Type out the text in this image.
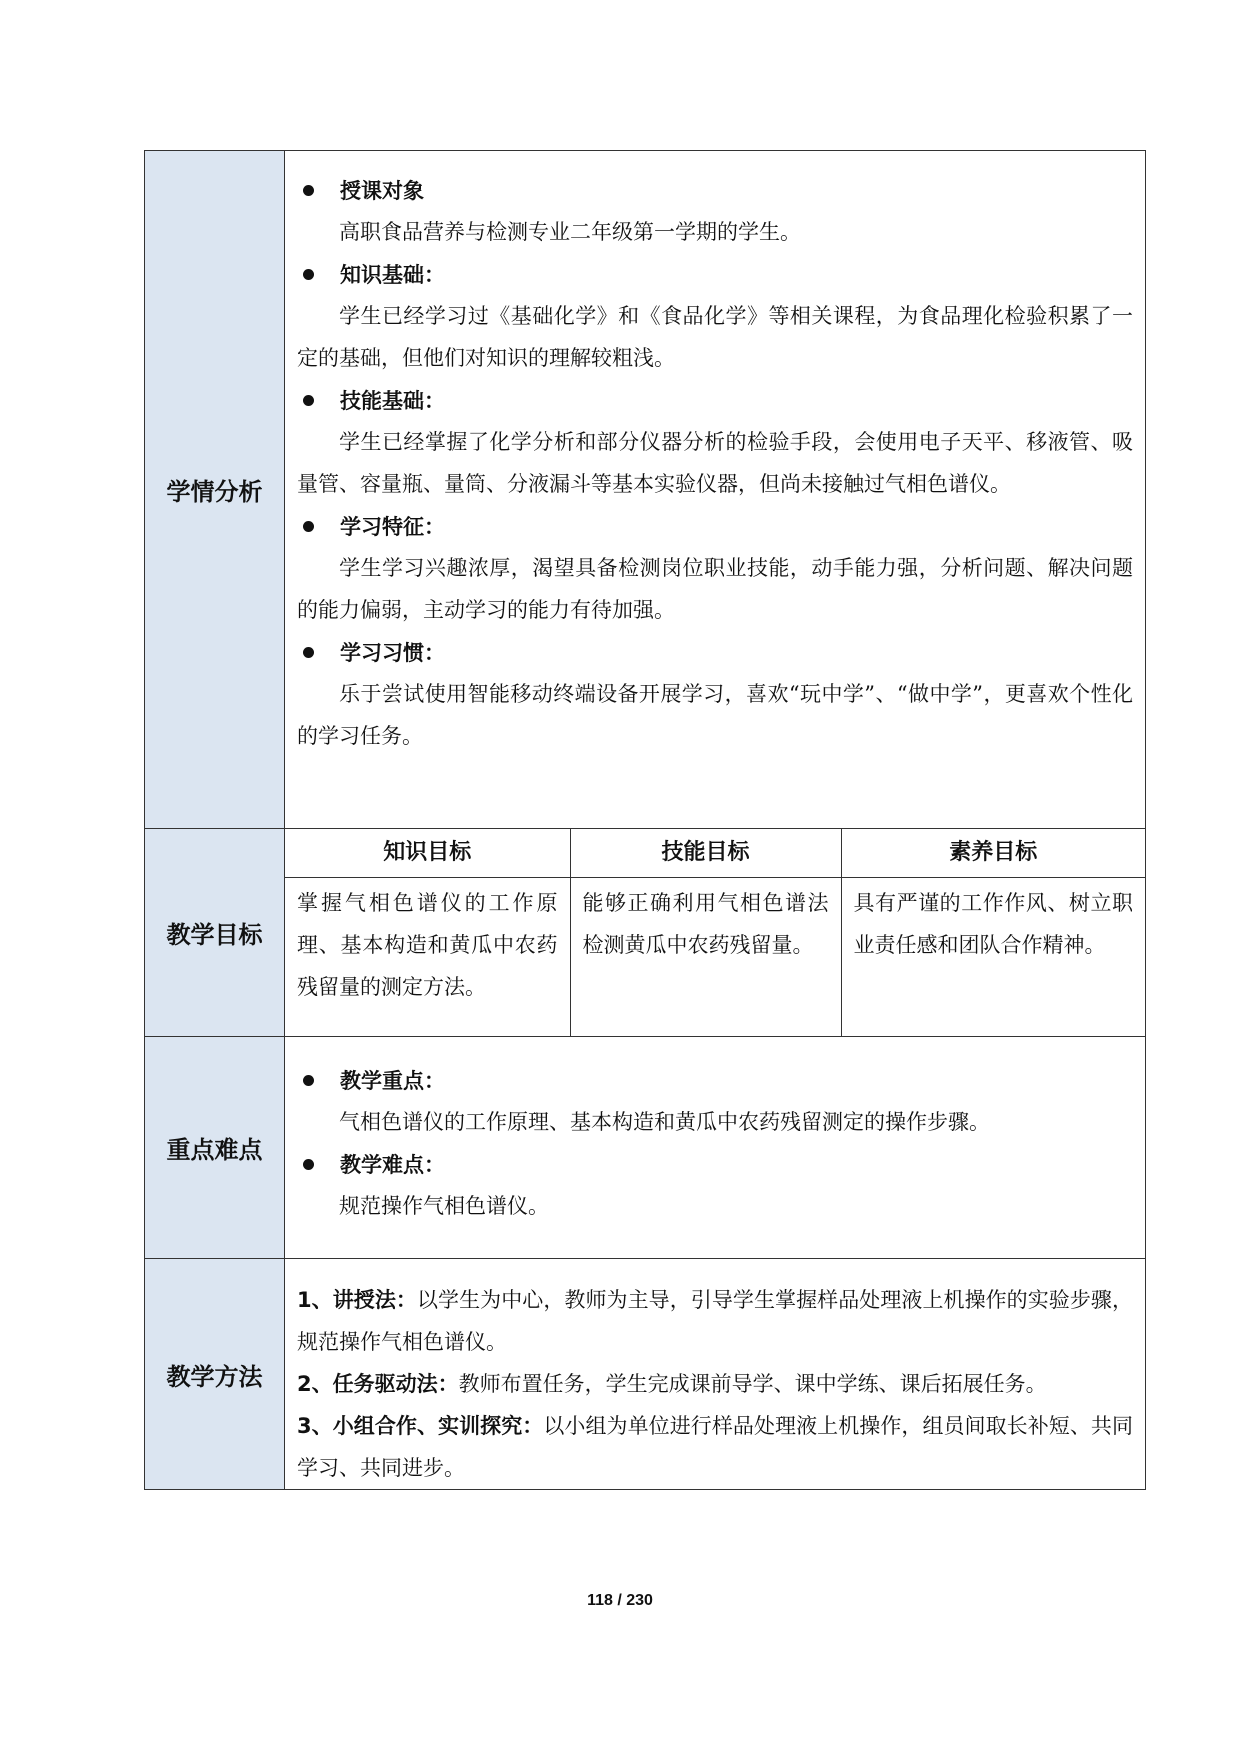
学情分析	
授课对象

高职食品营养与检测专业二年级第一学期的学生。

知识基础：

学生已经学习过《基础化学》和《食品化学》等相关课程，为食品理化检验积累了一定的基础，但他们对知识的理解较粗浅。

技能基础：

学生已经掌握了化学分析和部分仪器分析的检验手段，会使用电子天平、移液管、吸量管、容量瓶、量筒、分液漏斗等基本实验仪器，但尚未接触过气相色谱仪。

学习特征：

学生学习兴趣浓厚，渴望具备检测岗位职业技能，动手能力强，分析问题、解决问题的能力偏弱，主动学习的能力有待加强。

学习习惯：

乐于尝试使用智能移动终端设备开展学习，喜欢“玩中学”、“做中学”，更喜欢个性化的学习任务。

教学目标	
知识目标	技能目标	素养目标
掌握气相色谱仪的工作原理、基本构造和黄瓜中农药残留量的测定方法。	能够正确利用气相色谱法检测黄瓜中农药残留量。	具有严谨的工作作风、树立职业责任感和团队合作精神。

重点难点	
教学重点：

气相色谱仪的工作原理、基本构造和黄瓜中农药残留测定的操作步骤。

教学难点：

规范操作气相色谱仪。

教学方法	

1、讲授法：以学生为中心，教师为主导，引导学生掌握样品处理液上机操作的实验步骤，规范操作气相色谱仪。

2、任务驱动法：教师布置任务，学生完成课前导学、课中学练、课后拓展任务。

3、小组合作、实训探究：以小组为单位进行样品处理液上机操作，组员间取长补短、共同学习、共同进步。

118 / 230
